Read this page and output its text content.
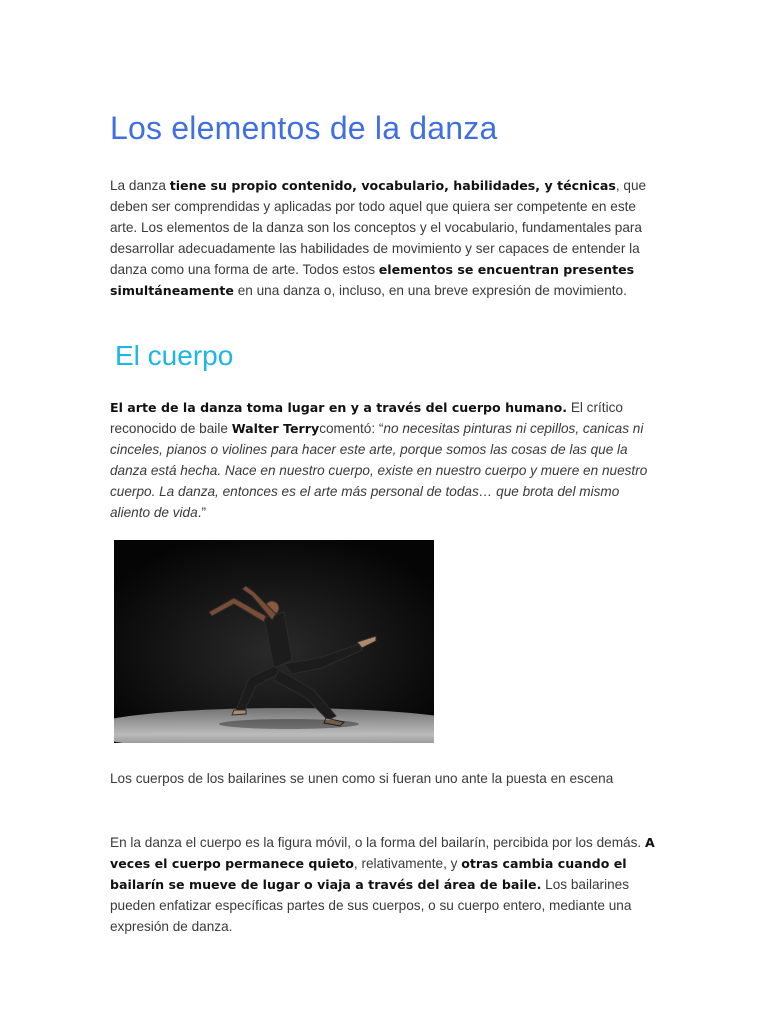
Los elementos de la danza

La danza tiene su propio contenido, vocabulario, habilidades, y técnicas, que deben ser comprendidas y aplicadas por todo aquel que quiera ser competente en este arte. Los elementos de la danza son los conceptos y el vocabulario, fundamentales para desarrollar adecuadamente las habilidades de movimiento y ser capaces de entender la danza como una forma de arte. Todos estos elementos se encuentran presentes simultáneamente en una danza o, incluso, en una breve expresión de movimiento.

El cuerpo

El arte de la danza toma lugar en y a través del cuerpo humano. El crítico reconocido de baile Walter Terrycomentó: “no necesitas pinturas ni cepillos, canicas ni cinceles, pianos o violines para hacer este arte, porque somos las cosas de las que la danza está hecha. Nace en nuestro cuerpo, existe en nuestro cuerpo y muere en nuestro cuerpo. La danza, entonces es el arte más personal de todas… que brota del mismo aliento de vida.”

Los cuerpos de los bailarines se unen como si fueran uno ante la puesta en escena

En la danza el cuerpo es la figura móvil, o la forma del bailarín, percibida por los demás. A veces el cuerpo permanece quieto, relativamente, y otras cambia cuando el bailarín se mueve de lugar o viaja a través del área de baile. Los bailarines pueden enfatizar específicas partes de sus cuerpos, o su cuerpo entero, mediante una expresión de danza.
